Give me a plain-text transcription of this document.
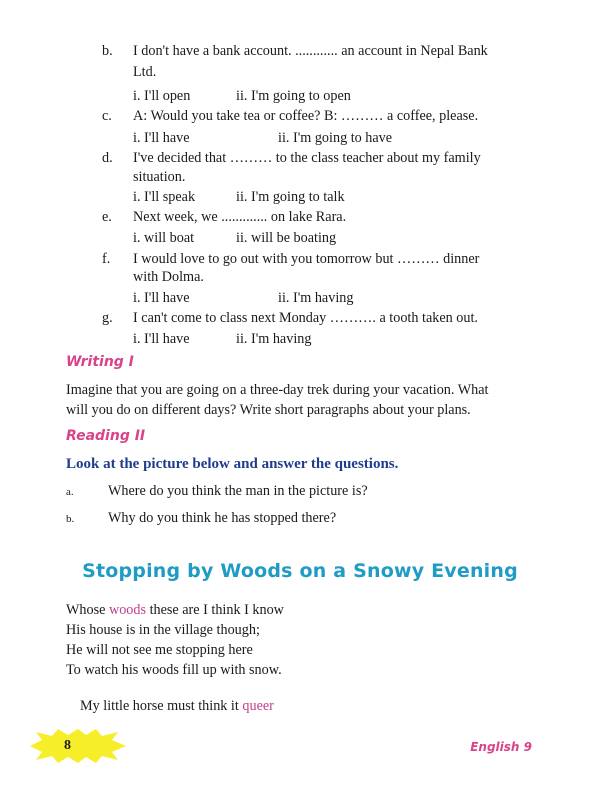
b. I don't have a bank account. ............ an account in Nepal Bank
Ltd.
i. I'll open	ii. I'm going to open
c. A: Would you take tea or coffee? B: ……… a coffee, please.
i. I'll have	ii. I'm going to have
d. I've decided that ……… to the class teacher about my family
situation.
i. I'll speak	ii. I'm going to talk
e. Next week, we ............. on lake Rara.
i. will boat	ii. will be boating
f. I would love to go out with you tomorrow but ……… dinner
with Dolma.
i. I'll have	ii. I'm having
g. I can't come to class next Monday ………. a tooth taken out.
i. I'll have	ii. I'm having
Writing I
Imagine that you are going on a three-day trek during your vacation. What
will you do on different days? Write short paragraphs about your plans.
Reading II
Look at the picture below and answer the questions.
a. Where do you think the man in the picture is?
b. Why do you think he has stopped there?
Stopping by Woods on a Snowy Evening
Whose woods these are I think I know
His house is in the village though;
He will not see me stopping here
To watch his woods fill up with snow.
My little horse must think it queer
8	English 9
